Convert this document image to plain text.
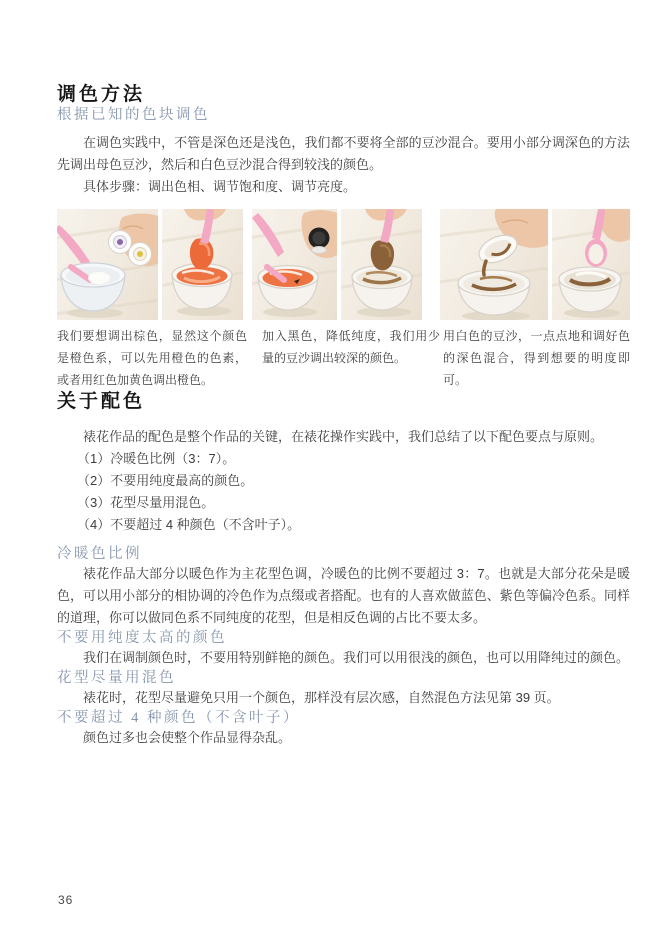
调色方法
根据已知的色块调色

在调色实践中，不管是深色还是浅色，我们都不要将全部的豆沙混合。要用小部分调深色的方法先调出母色豆沙，然后和白色豆沙混合得到较浅的颜色。

具体步骤：调出色相、调节饱和度、调节亮度。

我们要想调出棕色，显然这个颜色是橙色系，可以先用橙色的色素，或者用红色加黄色调出橙色。

加入黑色，降低纯度，我们用少量的豆沙调出较深的颜色。

用白色的豆沙，一点点地和调好色的深色混合，得到想要的明度即可。

关于配色

裱花作品的配色是整个作品的关键，在裱花操作实践中，我们总结了以下配色要点与原则。

（1）冷暖色比例（3：7）。

（2）不要用纯度最高的颜色。

（3）花型尽量用混色。

（4）不要超过 4 种颜色（不含叶子）。

冷暖色比例

裱花作品大部分以暖色作为主花型色调，冷暖色的比例不要超过 3：7。也就是大部分花朵是暖色，可以用小部分的相协调的冷色作为点缀或者搭配。也有的人喜欢做蓝色、紫色等偏冷色系。同样的道理，你可以做同色系不同纯度的花型，但是相反色调的占比不要太多。

不要用纯度太高的颜色

我们在调制颜色时，不要用特别鲜艳的颜色。我们可以用很浅的颜色，也可以用降纯过的颜色。

花型尽量用混色

裱花时，花型尽量避免只用一个颜色，那样没有层次感，自然混色方法见第 39 页。

不要超过 4 种颜色（不含叶子）

颜色过多也会使整个作品显得杂乱。

36
